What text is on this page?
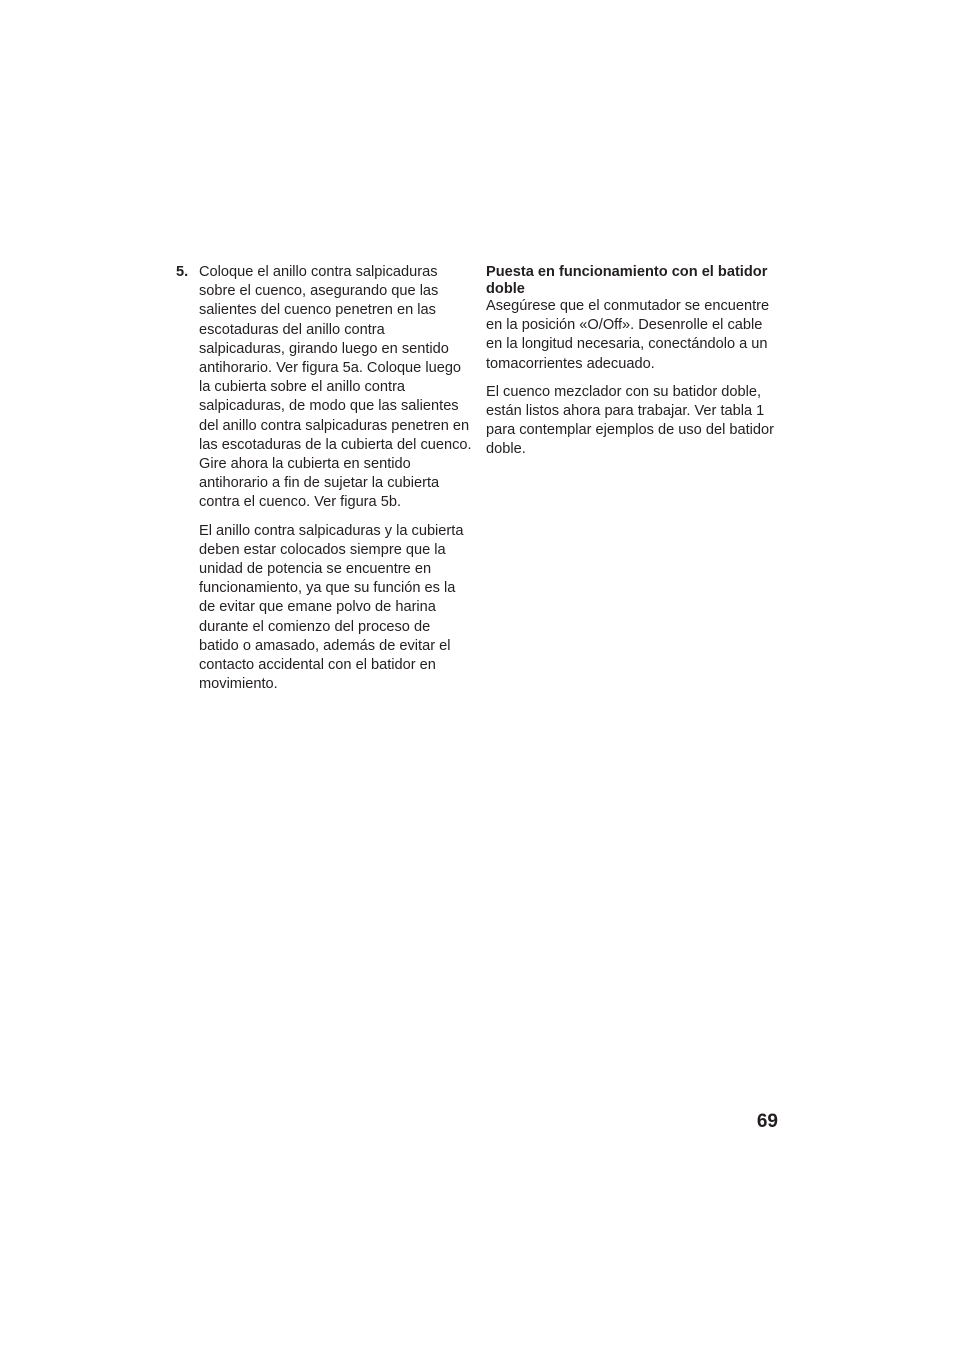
5. Coloque el anillo contra salpicaduras sobre el cuenco, asegurando que las salientes del cuenco penetren en las escotaduras del anillo contra salpicaduras, girando luego en sentido antihorario. Ver figura 5a. Coloque luego la cubierta sobre el anillo contra salpicaduras, de modo que las salientes del anillo contra salpicaduras penetren en las escotaduras de la cubierta del cuenco. Gire ahora la cubierta en sentido antihorario a fin de sujetar la cubierta contra el cuenco. Ver figura 5b.

El anillo contra salpicaduras y la cubierta deben estar colocados siempre que la unidad de potencia se encuentre en funcionamiento, ya que su función es la de evitar que emane polvo de harina durante el comienzo del proceso de batido o amasado, además de evitar el contacto accidental con el batidor en movimiento.

Puesta en funcionamiento con el batidor doble

Asegúrese que el conmutador se encuentre en la posición «O/Off». Desenrolle el cable en la longitud necesaria, conectándolo a un tomacorrientes adecuado.

El cuenco mezclador con su batidor doble, están listos ahora para trabajar. Ver tabla 1 para contemplar ejemplos de uso del batidor doble.

69
